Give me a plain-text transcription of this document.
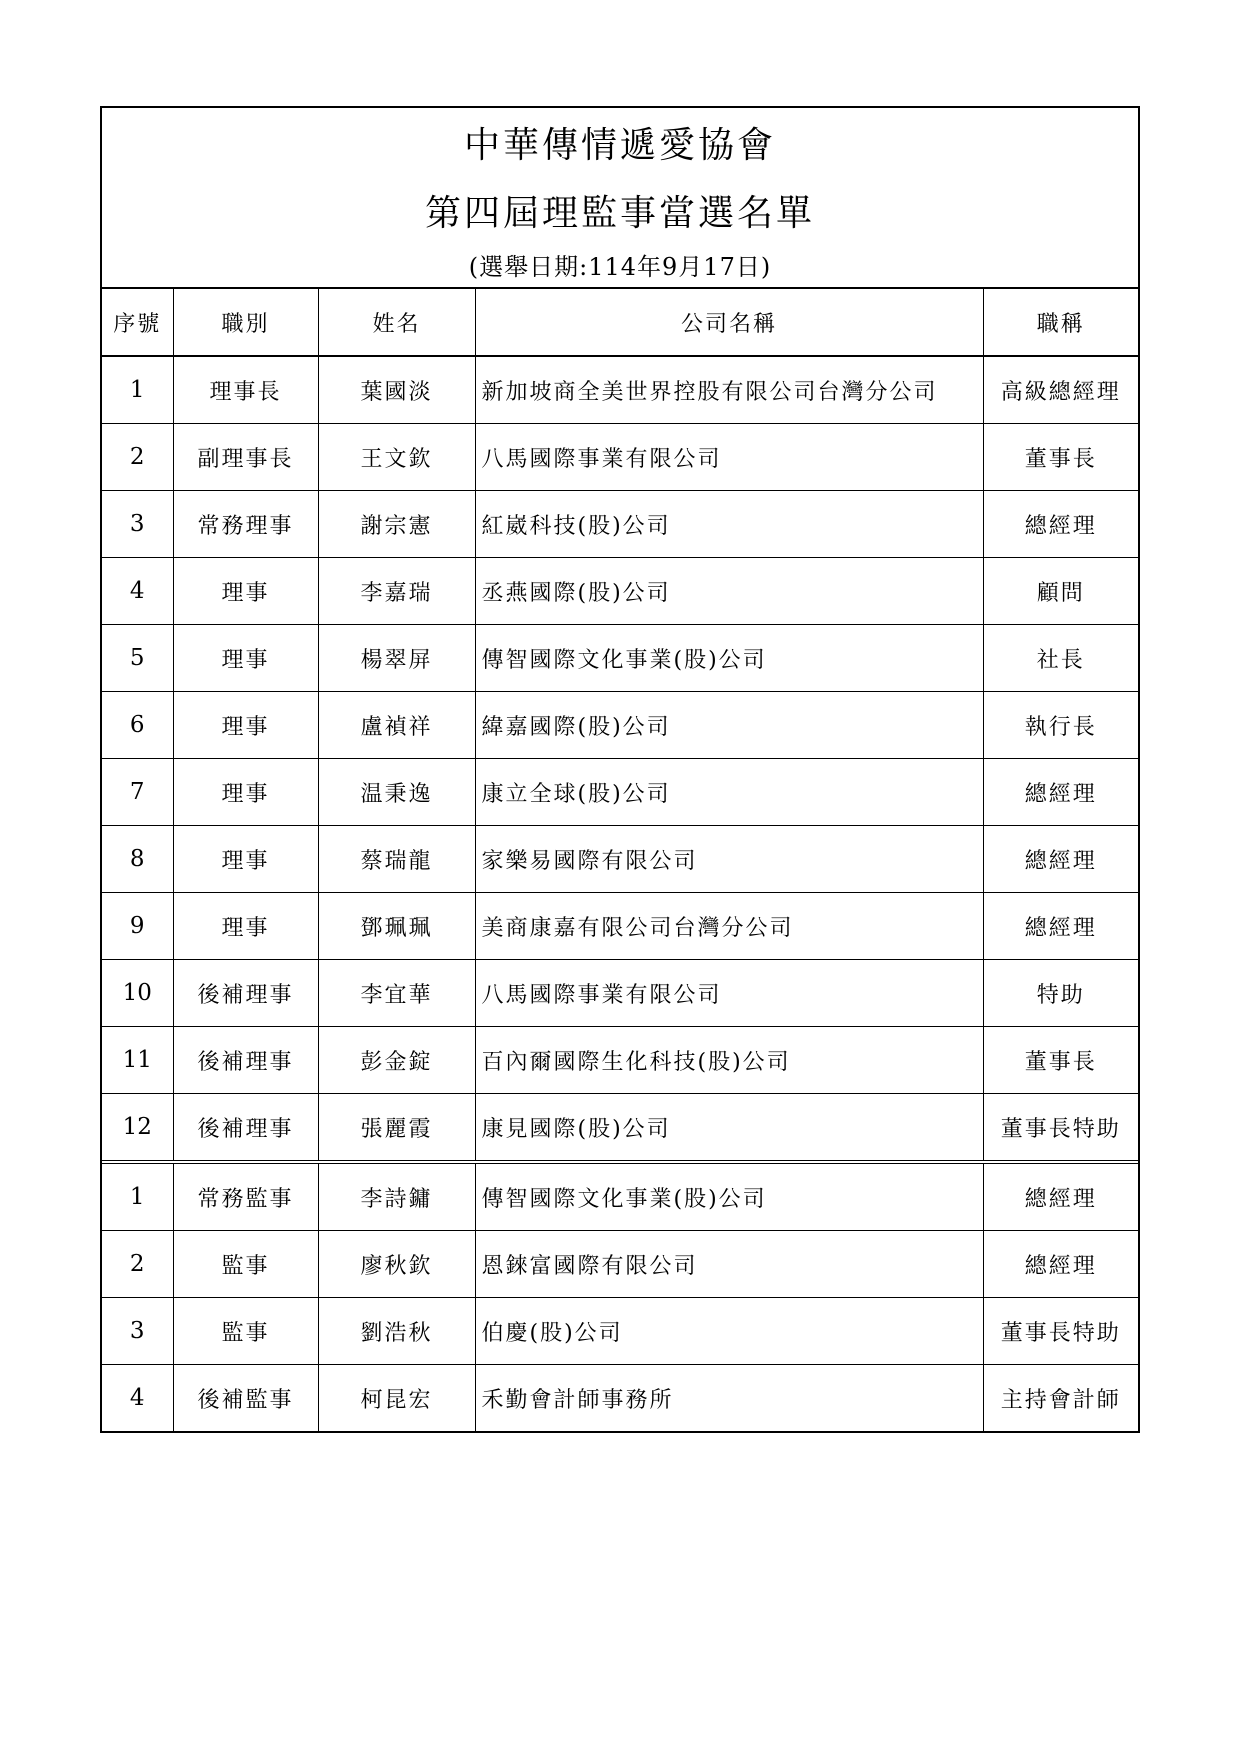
中華傳情遞愛協會
第四屆理監事當選名單
(選舉日期:114年9月17日)
序號	職別	姓名	公司名稱	職稱
1	理事長	葉國淡	新加坡商全美世界控股有限公司台灣分公司	高級總經理
2	副理事長	王文欽	八馬國際事業有限公司	董事長
3	常務理事	謝宗憲	紅崴科技(股)公司	總經理
4	理事	李嘉瑞	丞燕國際(股)公司	顧問
5	理事	楊翠屏	傳智國際文化事業(股)公司	社長
6	理事	盧禎祥	緯嘉國際(股)公司	執行長
7	理事	温秉逸	康立全球(股)公司	總經理
8	理事	蔡瑞龍	家樂易國際有限公司	總經理
9	理事	鄧珮珮	美商康嘉有限公司台灣分公司	總經理
10	後補理事	李宜華	八馬國際事業有限公司	特助
11	後補理事	彭金錠	百內爾國際生化科技(股)公司	董事長
12	後補理事	張麗霞	康見國際(股)公司	董事長特助
1	常務監事	李詩鏞	傳智國際文化事業(股)公司	總經理
2	監事	廖秋欽	恩錸富國際有限公司	總經理
3	監事	劉浩秋	伯慶(股)公司	董事長特助
4	後補監事	柯昆宏	禾勤會計師事務所	主持會計師
